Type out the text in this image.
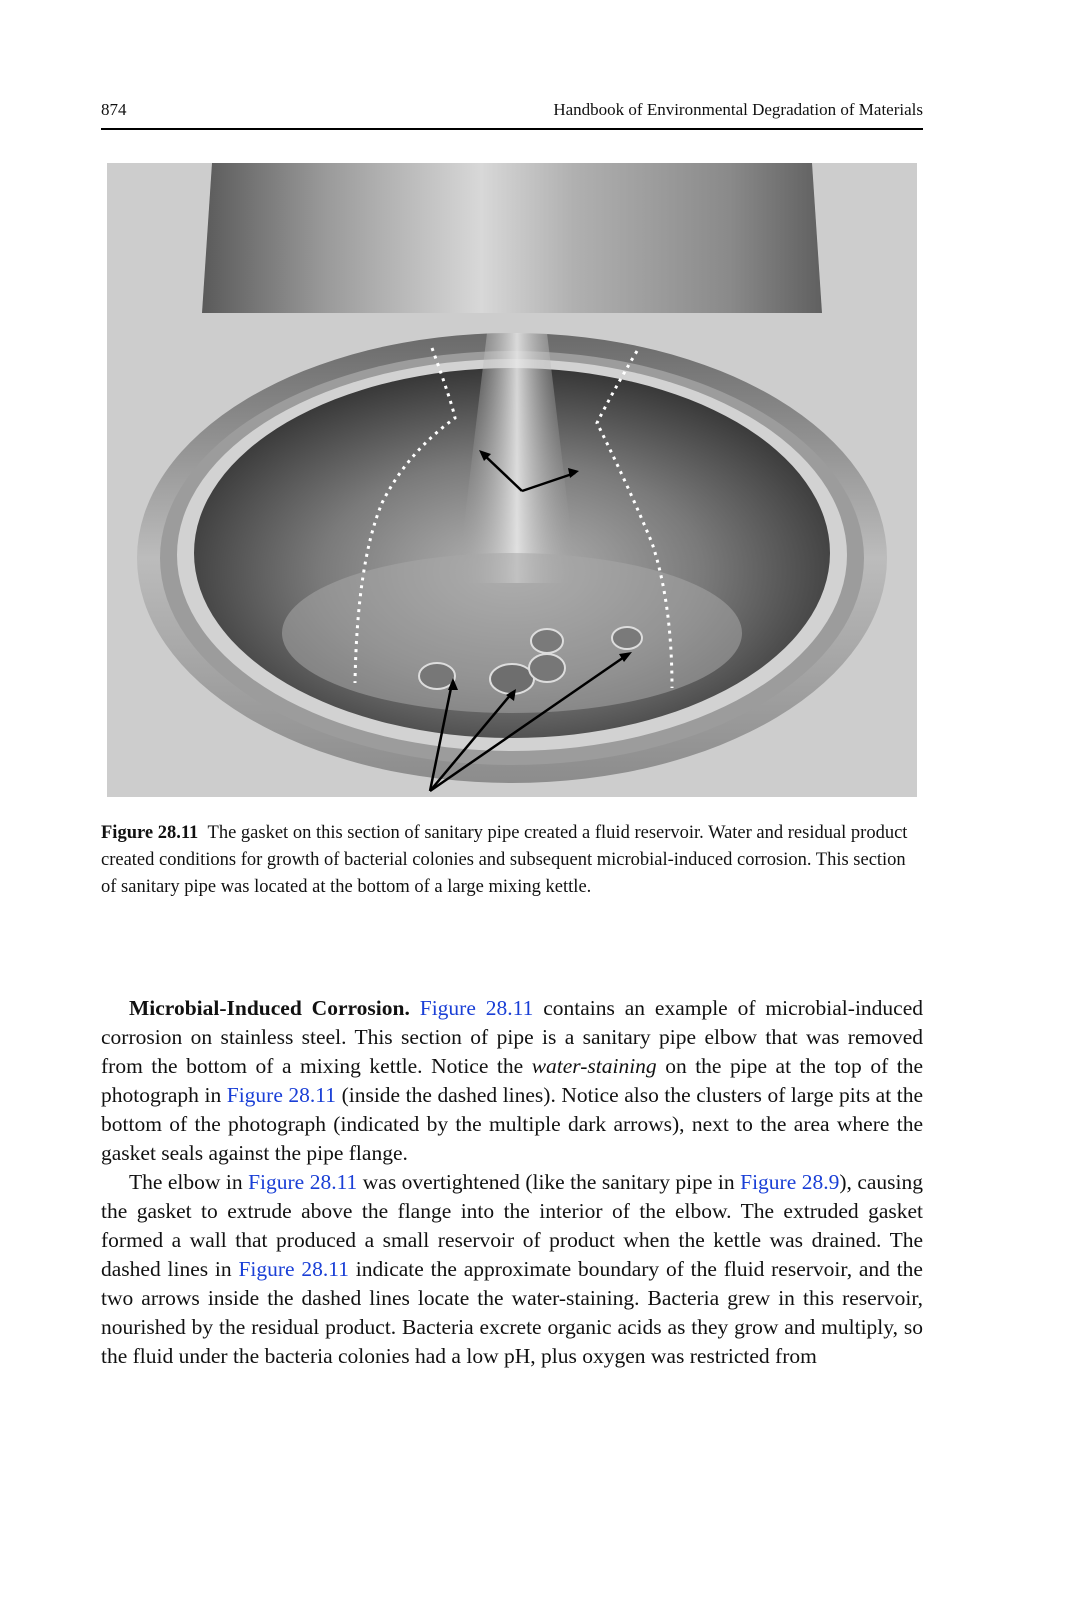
874	Handbook of Environmental Degradation of Materials
Figure 28.11 The gasket on this section of sanitary pipe created a fluid reservoir. Water and residual product created conditions for growth of bacterial colonies and subsequent microbial-induced corrosion. This section of sanitary pipe was located at the bottom of a large mixing kettle.

Microbial-Induced Corrosion. Figure 28.11 contains an example of microbial-induced corrosion on stainless steel. This section of pipe is a sanitary pipe elbow that was removed from the bottom of a mixing kettle. Notice the water-staining on the pipe at the top of the photograph in Figure 28.11 (inside the dashed lines). Notice also the clusters of large pits at the bottom of the photograph (indicated by the multiple dark arrows), next to the area where the gasket seals against the pipe flange.

The elbow in Figure 28.11 was overtightened (like the sanitary pipe in Figure 28.9), causing the gasket to extrude above the flange into the interior of the elbow. The extruded gasket formed a wall that produced a small reservoir of product when the kettle was drained. The dashed lines in Figure 28.11 indicate the approximate boundary of the fluid reservoir, and the two arrows inside the dashed lines locate the water-staining. Bacteria grew in this reservoir, nourished by the residual product. Bacteria excrete organic acids as they grow and multiply, so the fluid under the bacteria colonies had a low pH, plus oxygen was restricted from
